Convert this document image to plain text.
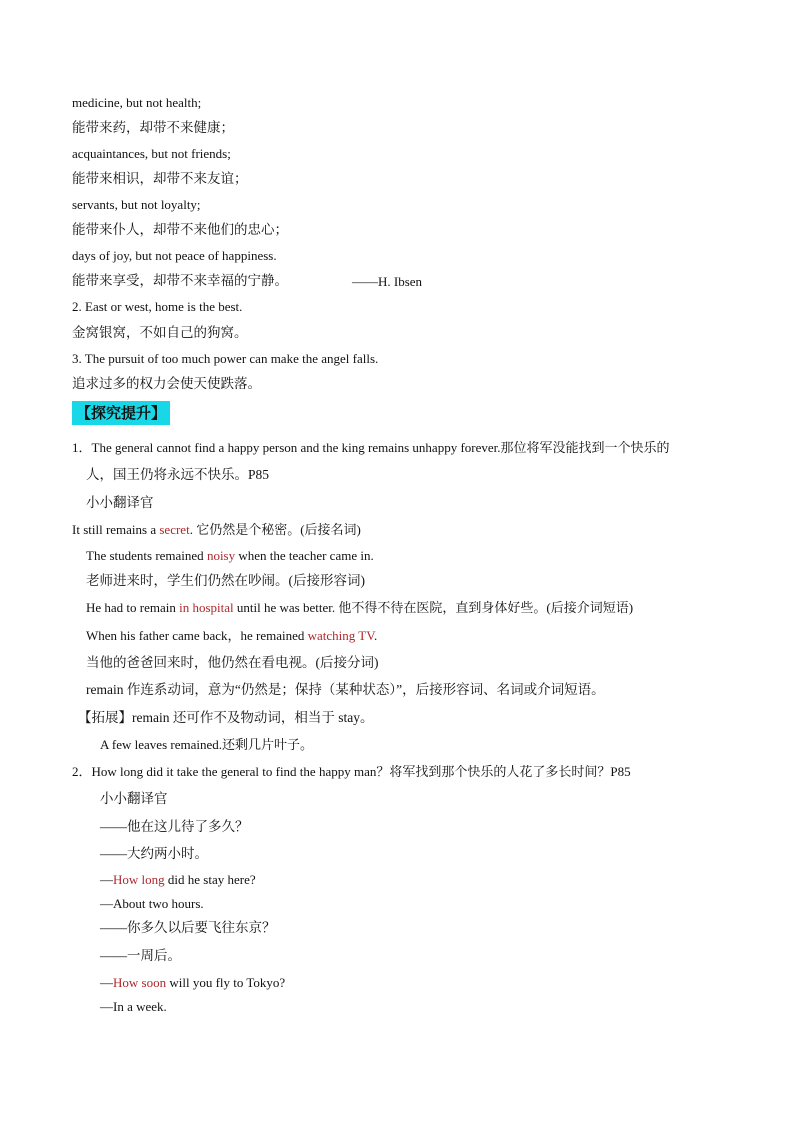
medicine, but not health;
能带来药，却带不来健康；
acquaintances, but not friends;
能带来相识，却带不来友谊；
servants, but not loyalty;
能带来仆人，却带不来他们的忠心；
days of joy, but not peace of happiness.
能带来享受，却带不来幸福的宁静。	——H. Ibsen
2. East or west, home is the best.
金窝银窝，不如自己的狗窝。
3. The pursuit of too much power can make the angel falls.
追求过多的权力会使天使跌落。
【探究提升】
1．The general cannot find a happy person and the king remains unhappy forever.那位将军没能找到一个快乐的
人，国王仍将永远不快乐。P85
小小翻译官
It still remains a secret. 它仍然是个秘密。(后接名词)
The students remained noisy when the teacher came in.
老师进来时，学生们仍然在吵闹。(后接形容词)
He had to remain in hospital until he was better. 他不得不待在医院，直到身体好些。(后接介词短语)
When his father came back，he remained watching TV.
当他的爸爸回来时，他仍然在看电视。(后接分词)
remain 作连系动词，意为“仍然是；保持（某种状态）”，后接形容词、名词或介词短语。
【拓展】remain 还可作不及物动词，相当于 stay。
A few leaves remained.还剩几片叶子。
2．How long did it take the general to find the happy man？将军找到那个快乐的人花了多长时间？P85
小小翻译官
——他在这儿待了多久？
——大约两小时。
—How long did he stay here?
—About two hours.
——你多久以后要飞往东京？
——一周后。
—How soon will you fly to Tokyo?
—In a week.
